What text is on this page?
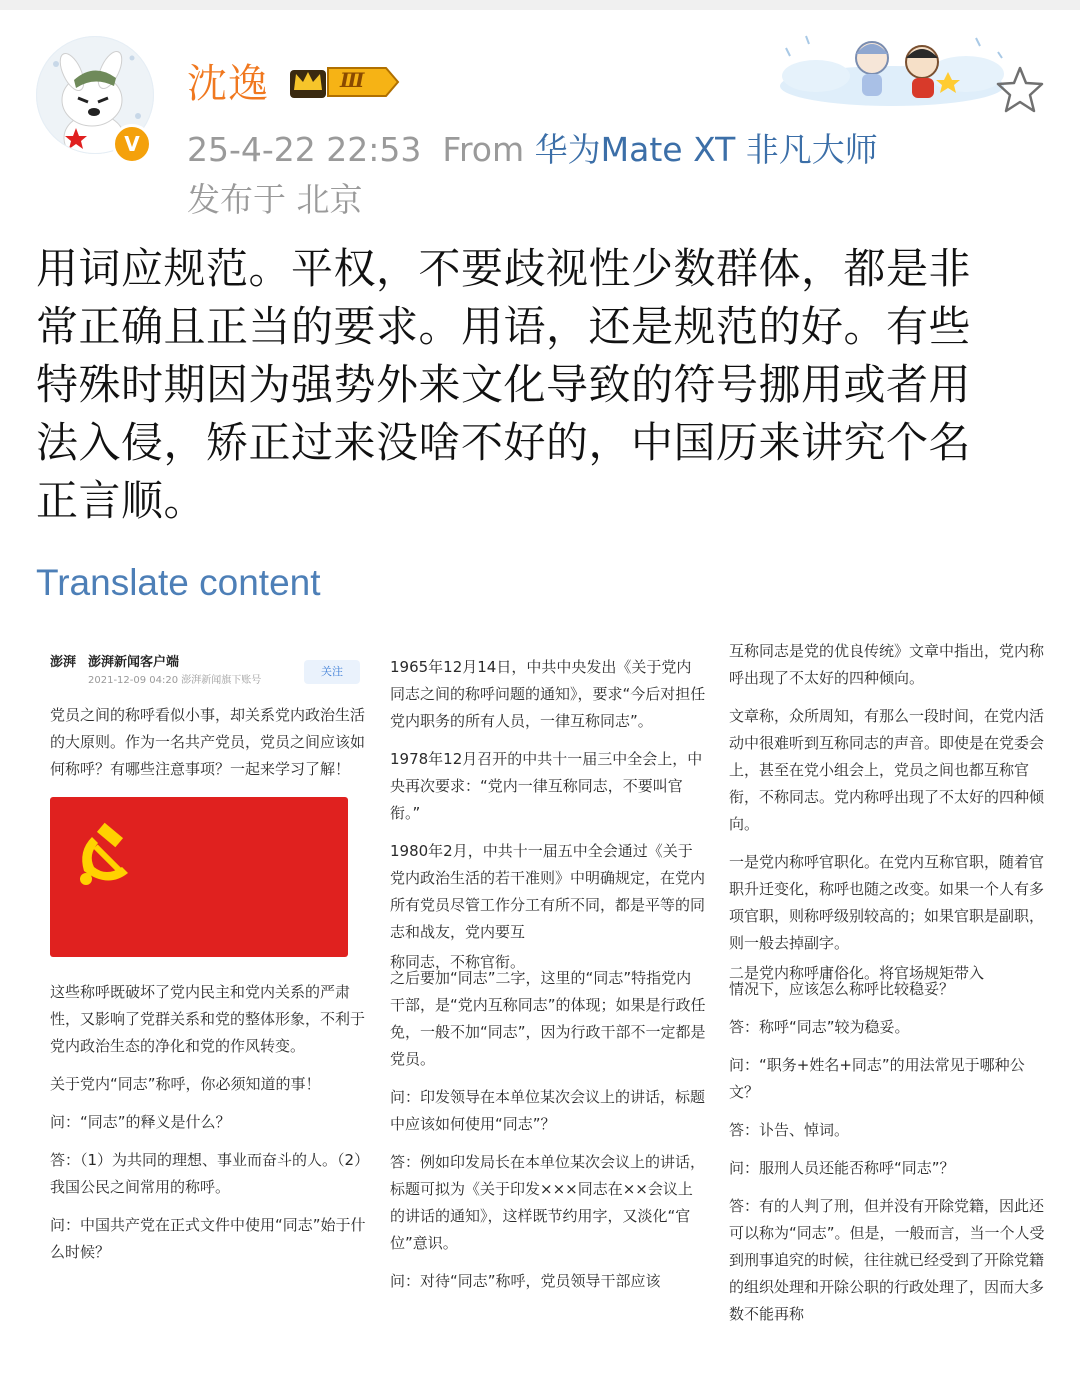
V
沈逸	Ⅲ
25-4-22 22:53 From 华为Mate XT 非凡大师
发布于 北京
用词应规范。平权，不要歧视性少数群体，都是非
常正确且正当的要求。用语，还是规范的好。有些
特殊时期因为强势外来文化导致的符号挪用或者用
法入侵，矫正过来没啥不好的，中国历来讲究个名
正言顺。
Translate content
澎湃 澎湃新闻客户端
2021-12-09 04:20 澎湃新闻旗下账号
关注

党员之间的称呼看似小事，却关系党内政治生活的大原则。作为一名共产党员，党员之间应该如何称呼？有哪些注意事项？一起来学习了解！

这些称呼既破坏了党内民主和党内关系的严肃性，又影响了党群关系和党的整体形象，不利于党内政治生态的净化和党的作风转变。

关于党内“同志”称呼，你必须知道的事！

问：“同志”的释义是什么？

答：（1）为共同的理想、事业而奋斗的人。（2）我国公民之间常用的称呼。

问：中国共产党在正式文件中使用“同志”始于什么时候？

1965年12月14日，中共中央发出《关于党内同志之间的称呼问题的通知》，要求“今后对担任党内职务的所有人员，一律互称同志”。

1978年12月召开的中共十一届三中全会上，中央再次要求：“党内一律互称同志，不要叫官衔。”

1980年2月，中共十一届五中全会通过《关于党内政治生活的若干准则》中明确规定，在党内所有党员尽管工作分工有所不同，都是平等的同志和战友，党内要互

称同志，不称官衔。

之后要加“同志”二字，这里的“同志”特指党内干部，是“党内互称同志”的体现；如果是行政任免，一般不加“同志”，因为行政干部不一定都是党员。

问：印发领导在本单位某次会议上的讲话，标题中应该如何使用“同志”？

答：例如印发局长在本单位某次会议上的讲话，标题可拟为《关于印发×××同志在××会议上的讲话的通知》，这样既节约用字，又淡化“官位”意识。

问：对待“同志”称呼，党员领导干部应该

互称同志是党的优良传统》文章中指出，党内称呼出现了不太好的四种倾向。

文章称，众所周知，有那么一段时间，在党内活动中很难听到互称同志的声音。即使是在党委会上，甚至在党小组会上，党员之间也都互称官衔，不称同志。党内称呼出现了不太好的四种倾向。

一是党内称呼官职化。在党内互称官职，随着官职升迁变化，称呼也随之改变。如果一个人有多项官职，则称呼级别较高的；如果官职是副职，则一般去掉副字。

二是党内称呼庸俗化。将官场规矩带入

情况下，应该怎么称呼比较稳妥？

答：称呼“同志”较为稳妥。

问：“职务+姓名+同志”的用法常见于哪种公文？

答：讣告、悼词。

问：服刑人员还能否称呼“同志”？

答：有的人判了刑，但并没有开除党籍，因此还可以称为“同志”。但是，一般而言，当一个人受到刑事追究的时候，往往就已经受到了开除党籍的组织处理和开除公职的行政处理了，因而大多数不能再称
